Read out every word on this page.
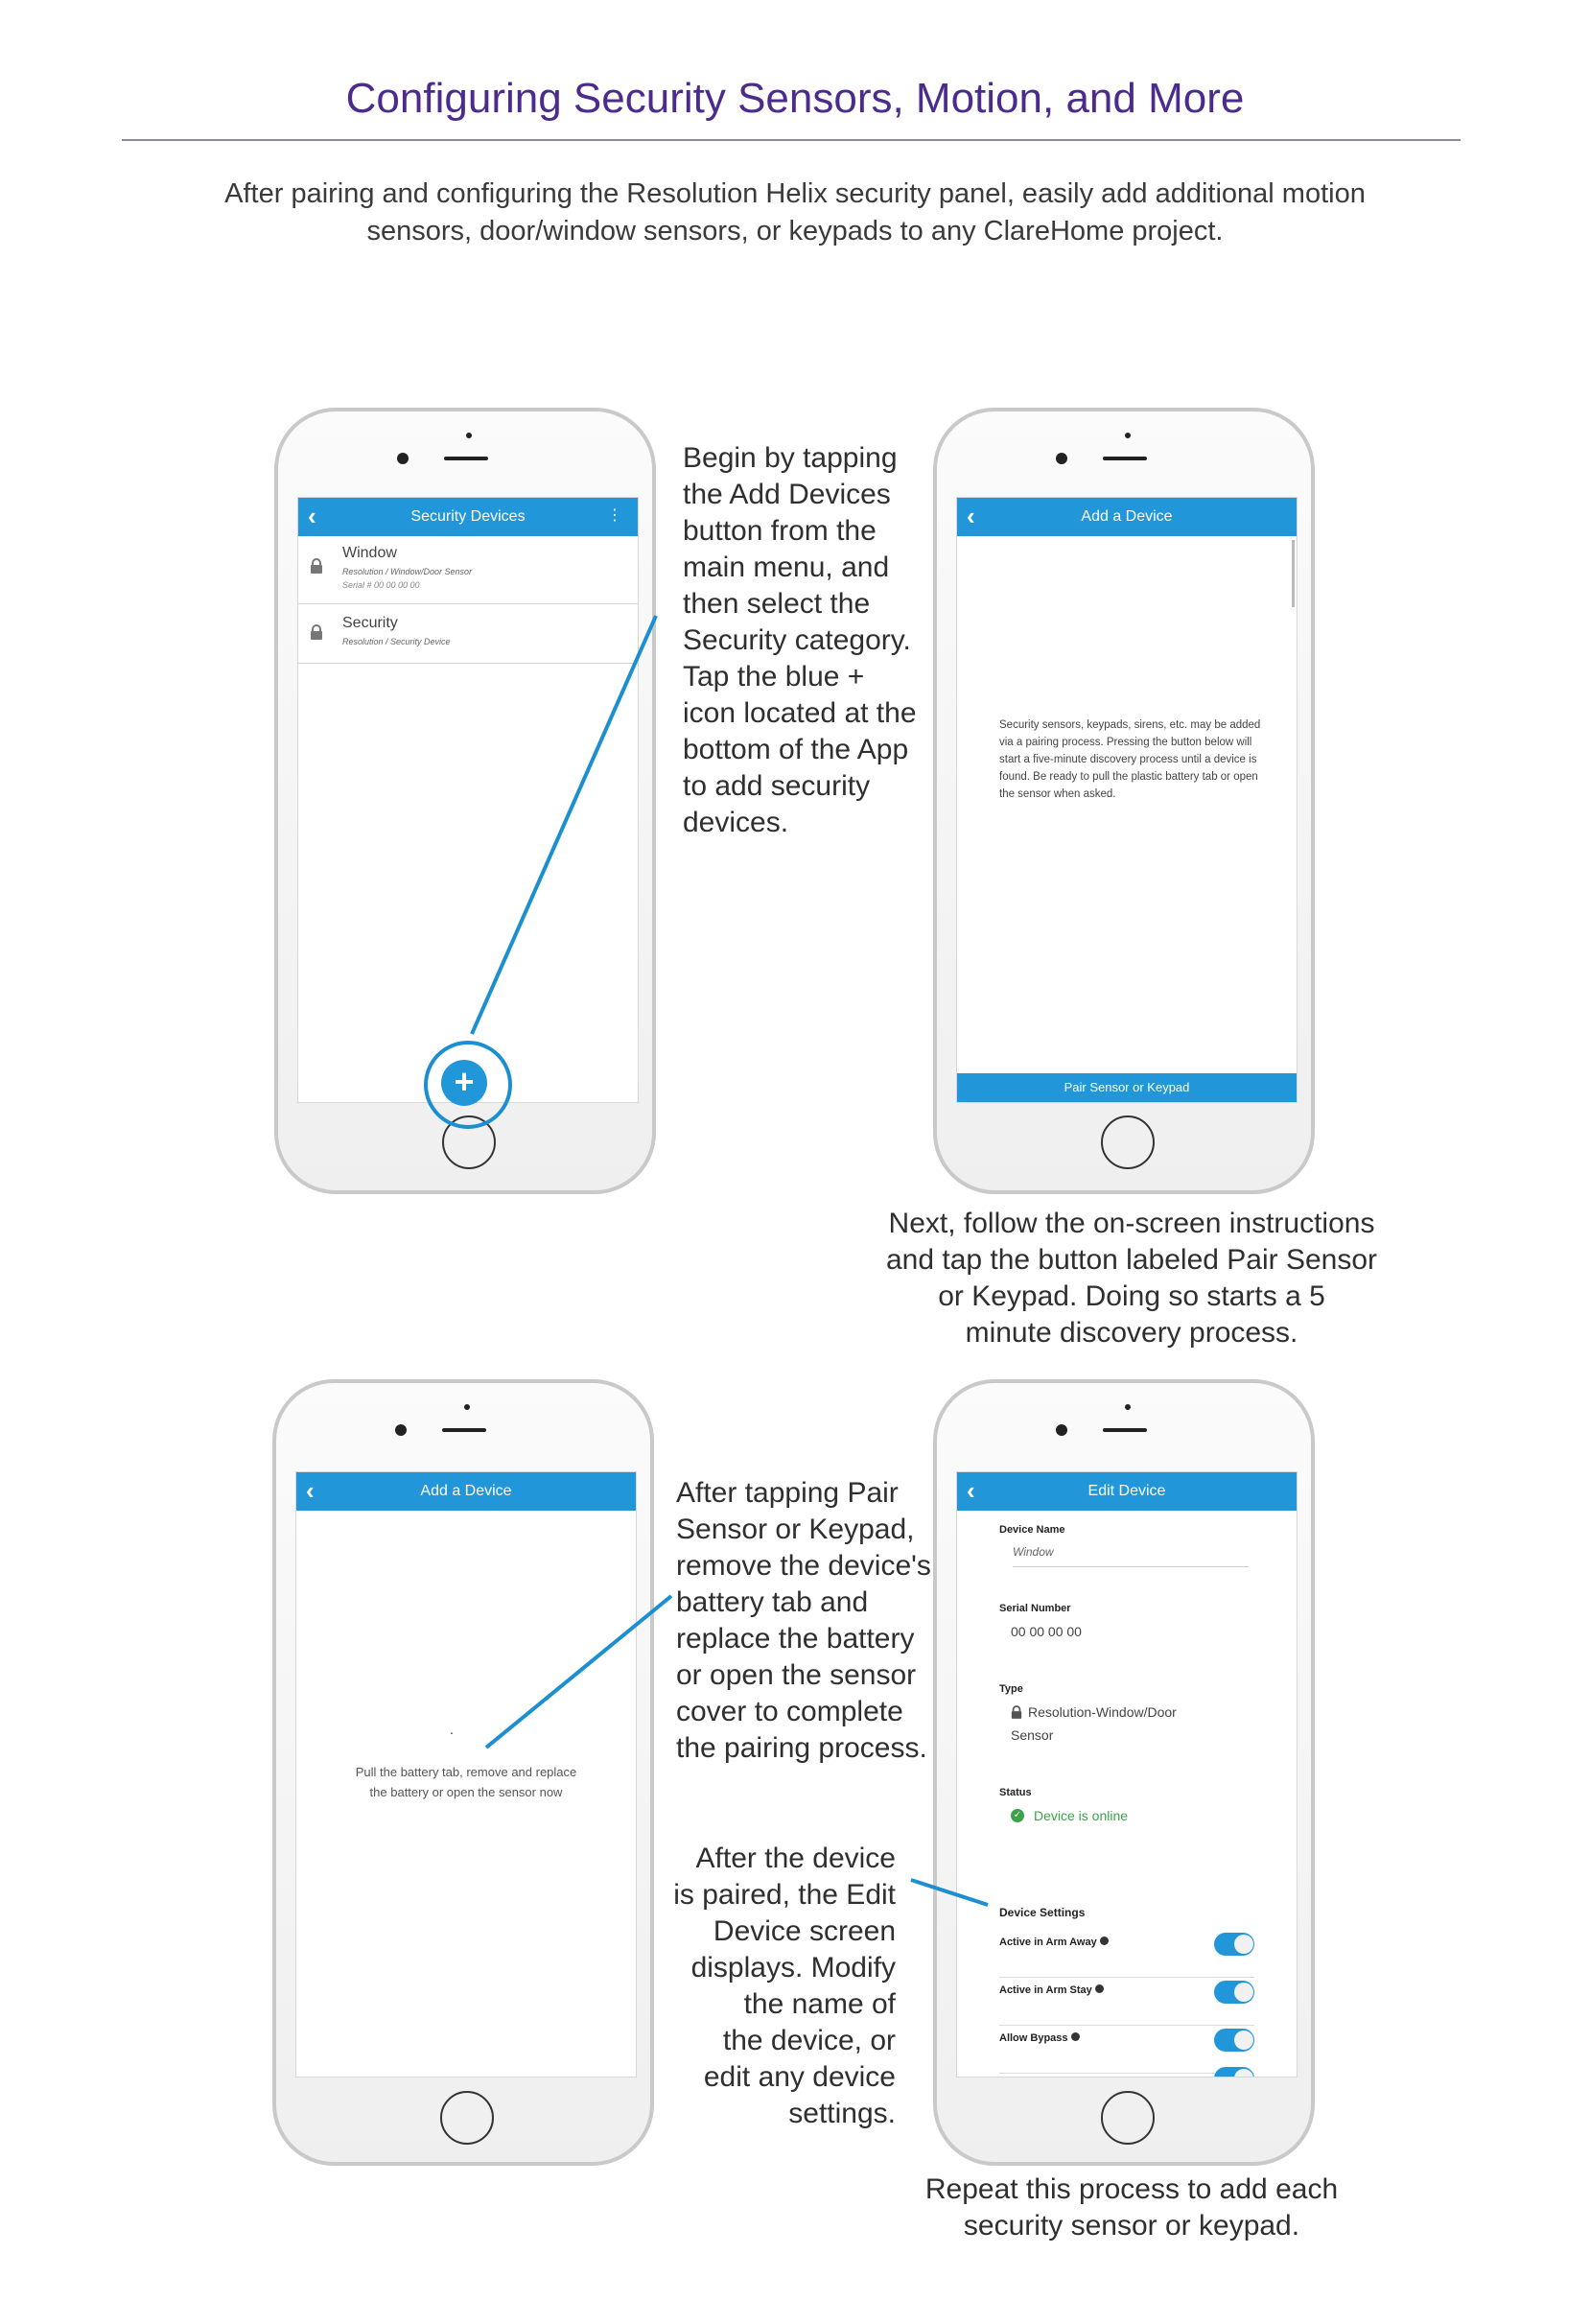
Configuring Security Sensors, Motion, and More
After pairing and configuring the Resolution Helix security panel, easily add additional motion
sensors, door/window sensors, or keypads to any ClareHome project.
‹	Security Devices	⋮
Window
Resolution / Window/Door Sensor
Serial # 00 00 00 00
Security
Resolution / Security Device
+
‹	Add a Device
Security sensors, keypads, sirens, etc. may be added via a pairing process. Pressing the button below will start a five-minute discovery process until a device is found. Be ready to pull the plastic battery tab or open the sensor when asked.
Pair Sensor or Keypad
‹	Add a Device
.
Pull the battery tab, remove and replace
the battery or open the sensor now
‹	Edit Device
Device Name
Window
Serial Number
00 00 00 00
Type
Resolution-Window/Door
Sensor
Status
✓ Device is online
Device Settings
Active in Arm Away
Active in Arm Stay
Allow Bypass
Begin by tapping
the Add Devices
button from the
main menu, and
then select the
Security category.
Tap the blue +
icon located at the
bottom of the App
to add security
devices.
Next, follow the on-screen instructions
and tap the button labeled Pair Sensor
or Keypad. Doing so starts a 5
minute discovery process.
After tapping Pair
Sensor or Keypad,
remove the device's
battery tab and
replace the battery
or open the sensor
cover to complete
the pairing process.
After the device
is paired, the Edit
Device screen
displays. Modify
the name of
the device, or
edit any device
settings.
Repeat this process to add each
security sensor or keypad.
